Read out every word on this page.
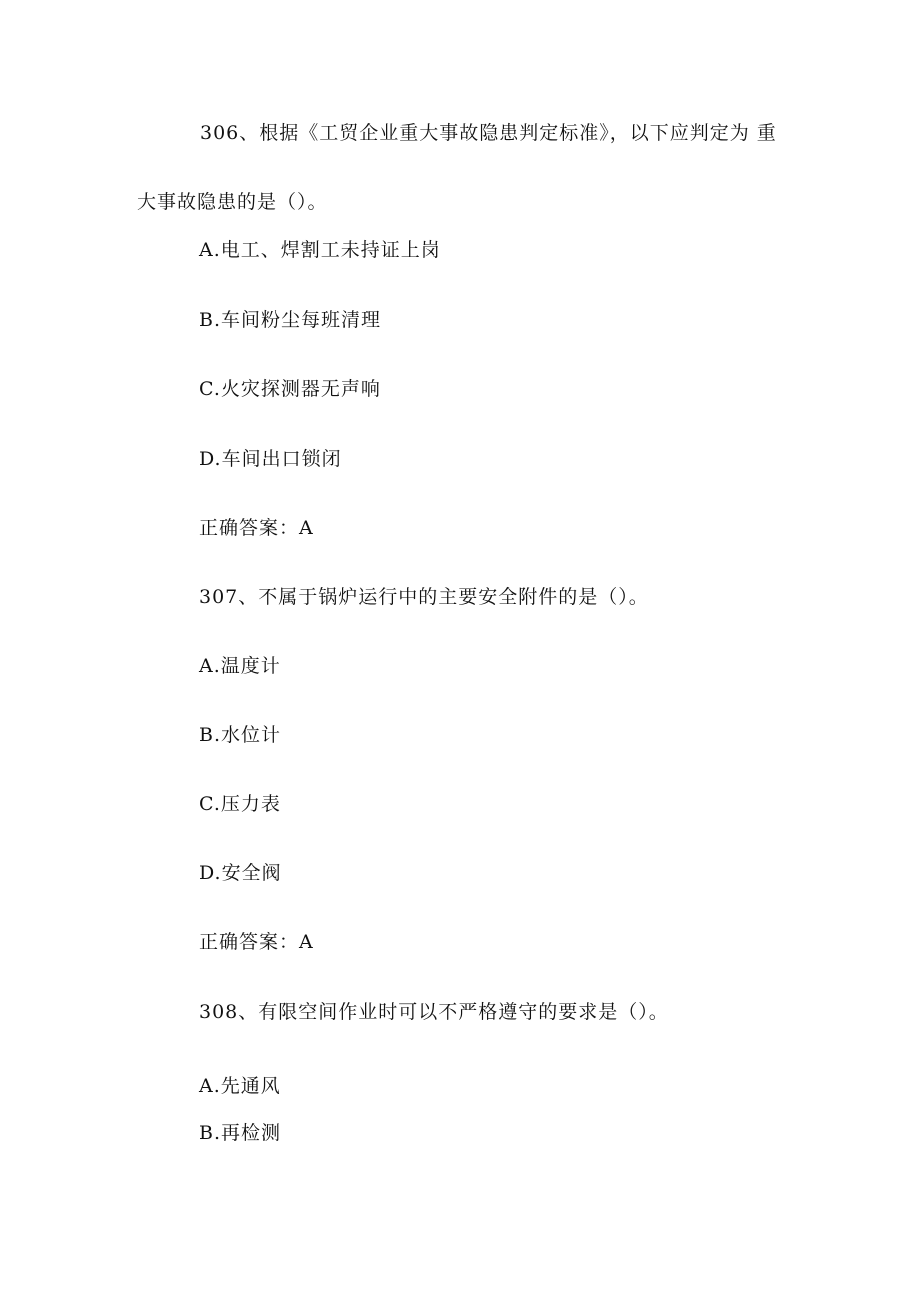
306、根据《工贸企业重大事故隐患判定标准》，以下应判定为 重大事故隐患的是（）。
A.电工、焊割工未持证上岗
B.车间粉尘每班清理
C.火灾探测器无声响
D.车间出口锁闭
正确答案：A
307、不属于锅炉运行中的主要安全附件的是（）。
A.温度计
B.水位计
C.压力表
D.安全阀
正确答案：A
308、有限空间作业时可以不严格遵守的要求是（）。
A.先通风
B.再检测
